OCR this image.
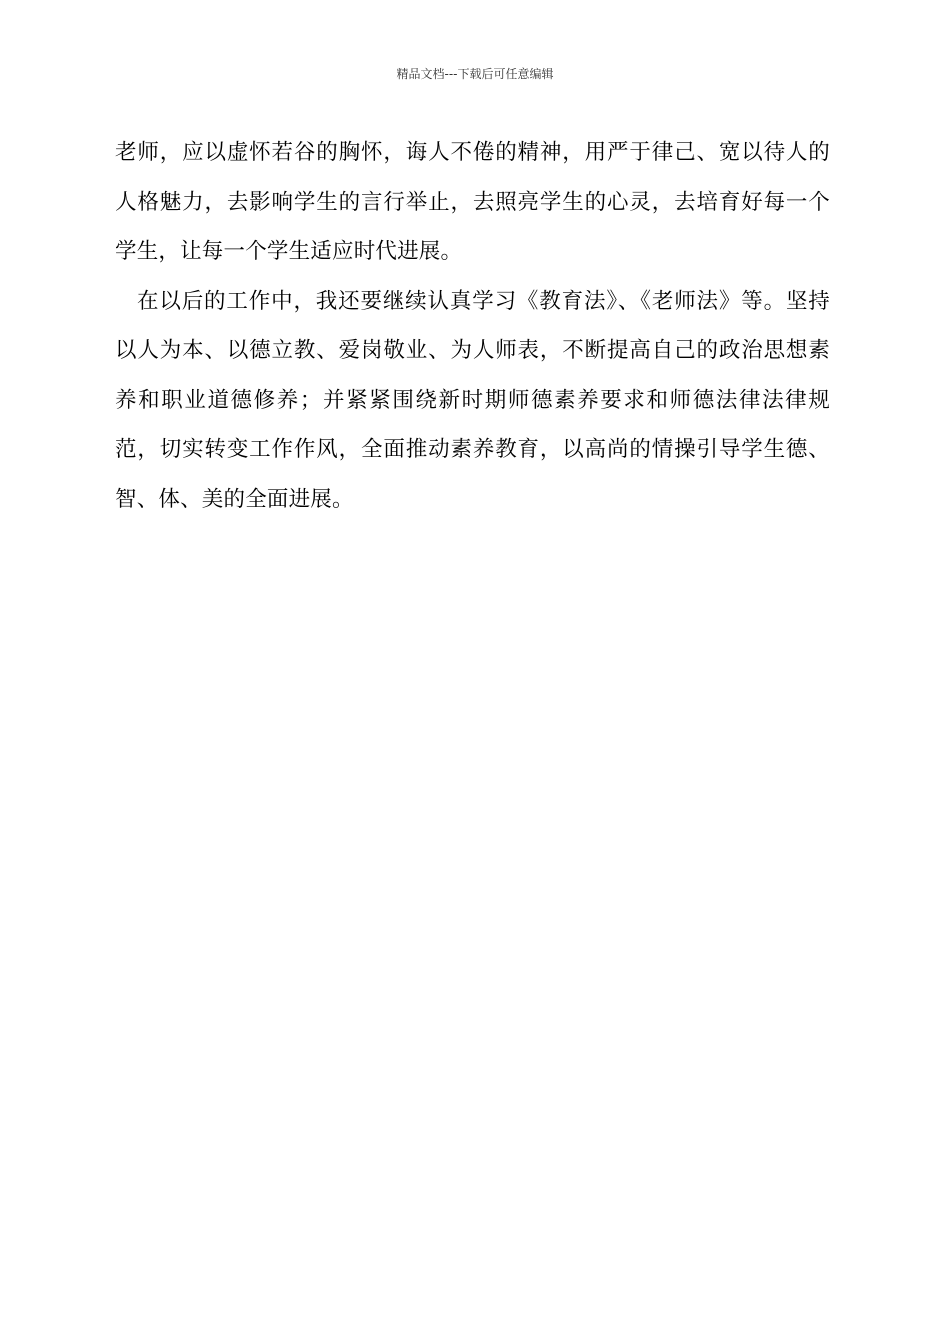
精品文档---下载后可任意编辑

老师，应以虚怀若谷的胸怀，诲人不倦的精神，用严于律己、宽以待人的人格魅力，去影响学生的言行举止，去照亮学生的心灵，去培育好每一个学生，让每一个学生适应时代进展。

在以后的工作中，我还要继续认真学习《教育法》、《老师法》等。坚持以人为本、以德立教、爱岗敬业、为人师表，不断提高自己的政治思想素养和职业道德修养；并紧紧围绕新时期师德素养要求和师德法律法律规范，切实转变工作作风，全面推动素养教育，以高尚的情操引导学生德、智、体、美的全面进展。
